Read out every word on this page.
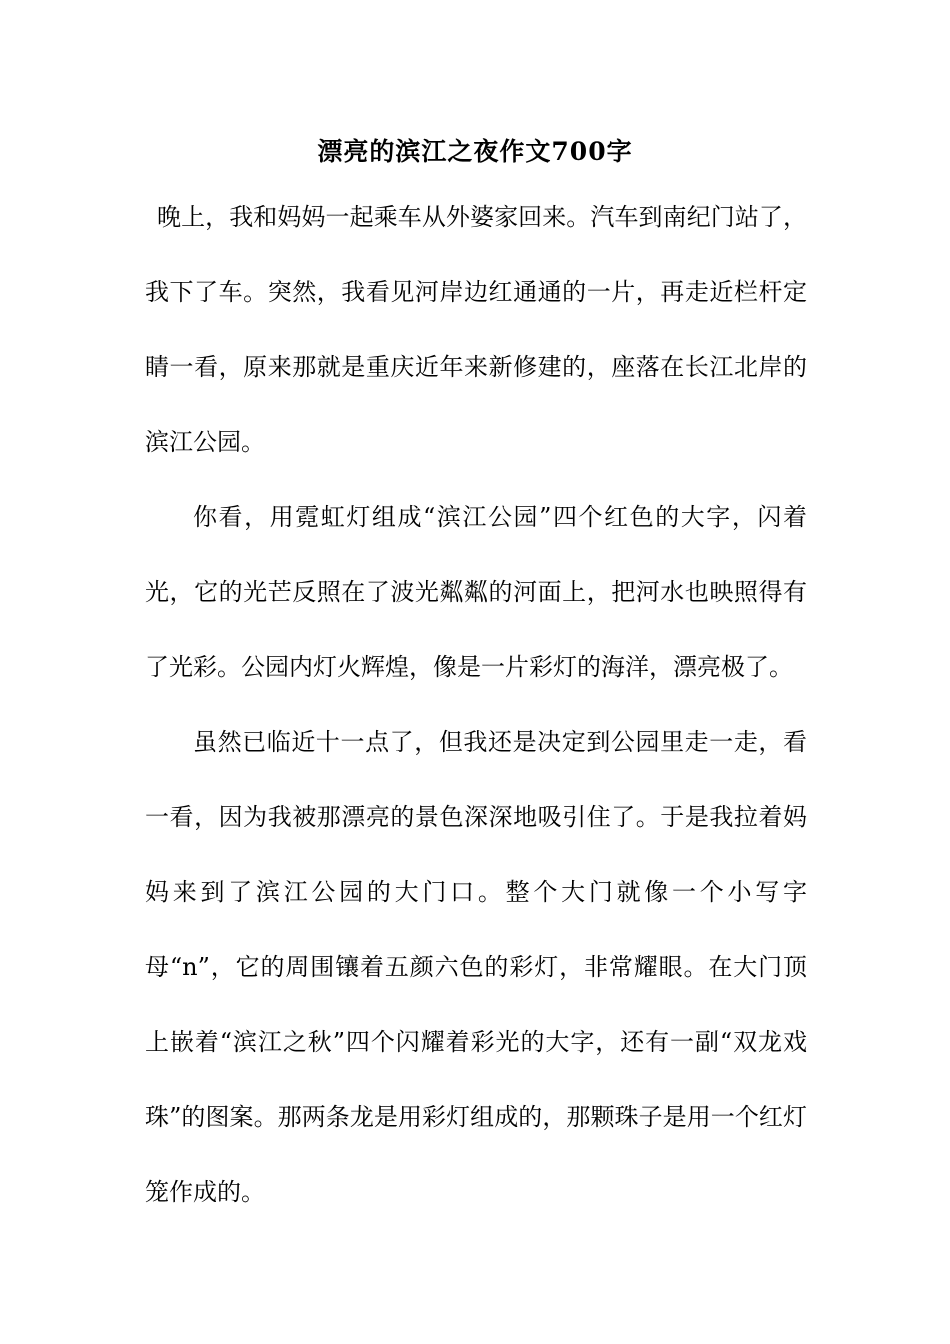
漂亮的滨江之夜作文700字

晚上，我和妈妈一起乘车从外婆家回来。汽车到南纪门站了，我下了车。突然，我看见河岸边红通通的一片，再走近栏杆定睛一看，原来那就是重庆近年来新修建的，座落在长江北岸的滨江公园。

你看，用霓虹灯组成“滨江公园”四个红色的大字，闪着光，它的光芒反照在了波光粼粼的河面上，把河水也映照得有了光彩。公园内灯火辉煌，像是一片彩灯的海洋，漂亮极了。

虽然已临近十一点了，但我还是决定到公园里走一走，看一看，因为我被那漂亮的景色深深地吸引住了。于是我拉着妈妈来到了滨江公园的大门口。整个大门就像一个小写字母“n”，它的周围镶着五颜六色的彩灯，非常耀眼。在大门顶上嵌着“滨江之秋”四个闪耀着彩光的大字，还有一副“双龙戏珠”的图案。那两条龙是用彩灯组成的，那颗珠子是用一个红灯笼作成的。
